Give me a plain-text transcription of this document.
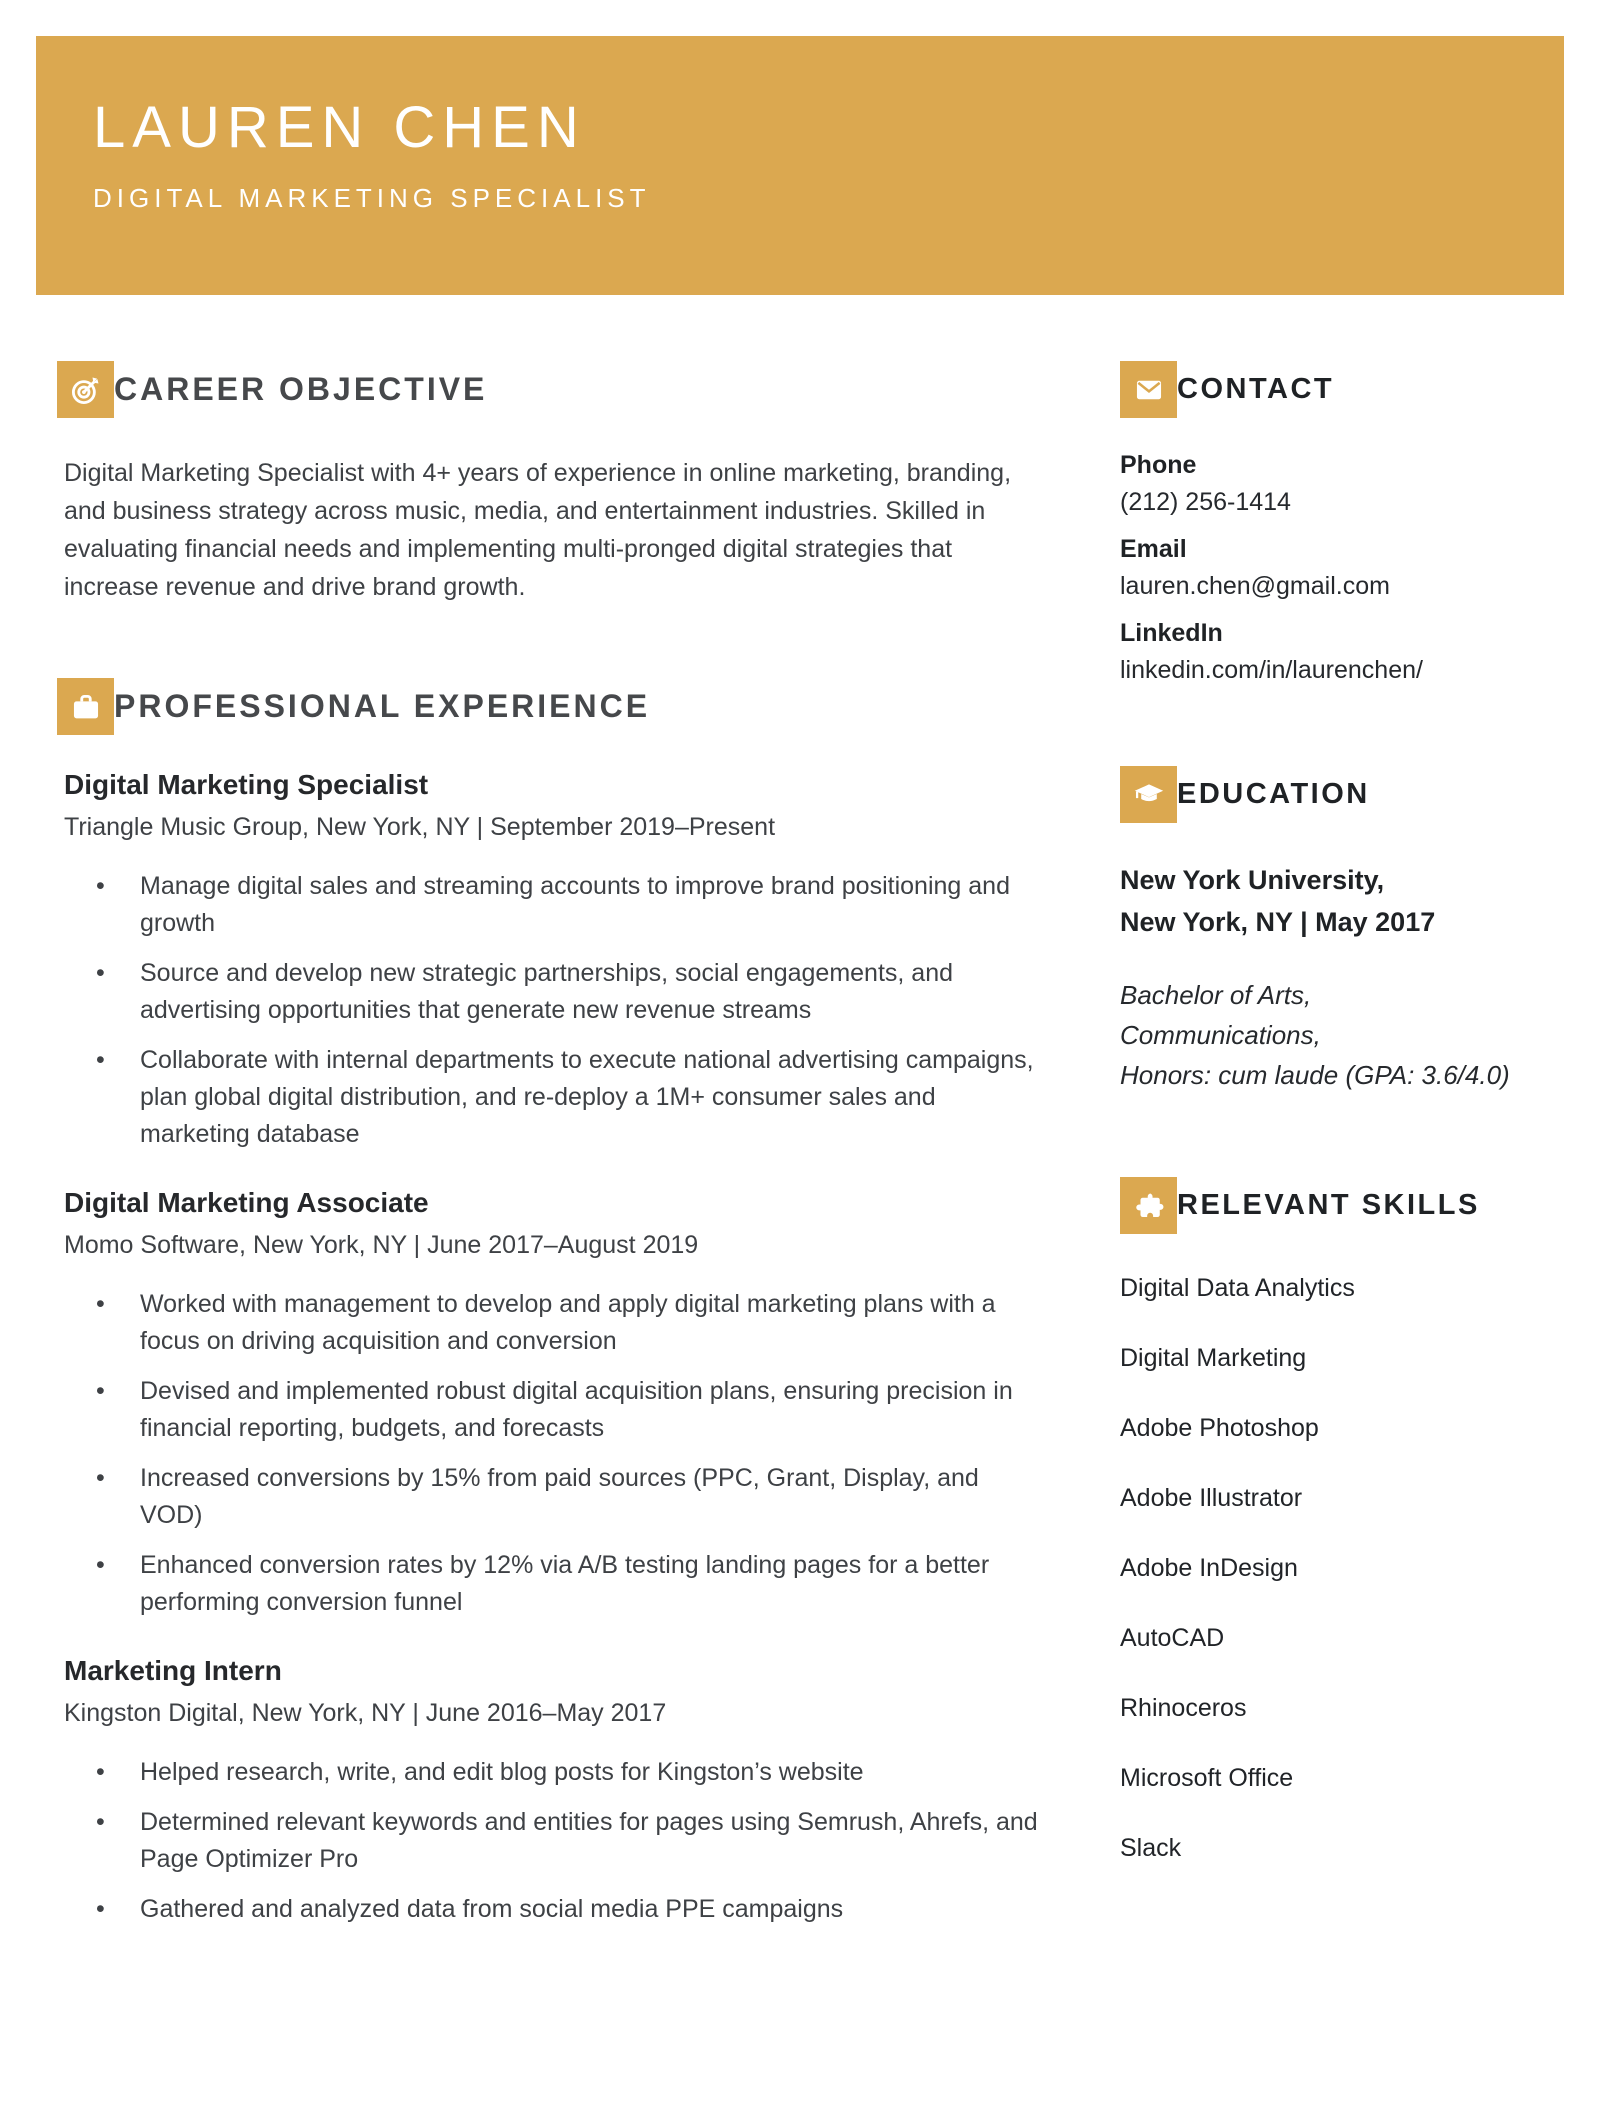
LAUREN CHEN
DIGITAL MARKETING SPECIALIST
CAREER OBJECTIVE

Digital Marketing Specialist with 4+ years of experience in online marketing, branding, and business strategy across music, media, and entertainment industries. Skilled in evaluating financial needs and implementing multi-pronged digital strategies that increase revenue and drive brand growth.

PROFESSIONAL EXPERIENCE
Digital Marketing Specialist
Triangle Music Group, New York, NY | September 2019–Present
• Manage digital sales and streaming accounts to improve brand positioning and growth
• Source and develop new strategic partnerships, social engagements, and advertising opportunities that generate new revenue streams
• Collaborate with internal departments to execute national advertising campaigns, plan global digital distribution, and re-deploy a 1M+ consumer sales and marketing database
Digital Marketing Associate
Momo Software, New York, NY | June 2017–August 2019
• Worked with management to develop and apply digital marketing plans with a focus on driving acquisition and conversion
• Devised and implemented robust digital acquisition plans, ensuring precision in financial reporting, budgets, and forecasts
• Increased conversions by 15% from paid sources (PPC, Grant, Display, and VOD)
• Enhanced conversion rates by 12% via A/B testing landing pages for a better performing conversion funnel
Marketing Intern
Kingston Digital, New York, NY | June 2016–May 2017
• Helped research, write, and edit blog posts for Kingston’s website
• Determined relevant keywords and entities for pages using Semrush, Ahrefs, and Page Optimizer Pro
• Gathered and analyzed data from social media PPE campaigns
CONTACT
Phone
(212) 256-1414
Email
lauren.chen@gmail.com
LinkedIn
linkedin.com/in/laurenchen/
EDUCATION
New York University,
New York, NY | May 2017
Bachelor of Arts,
Communications,
Honors: cum laude (GPA: 3.6/4.0)
RELEVANT SKILLS
Digital Data Analytics
Digital Marketing
Adobe Photoshop
Adobe Illustrator
Adobe InDesign
AutoCAD
Rhinoceros
Microsoft Office
Slack
